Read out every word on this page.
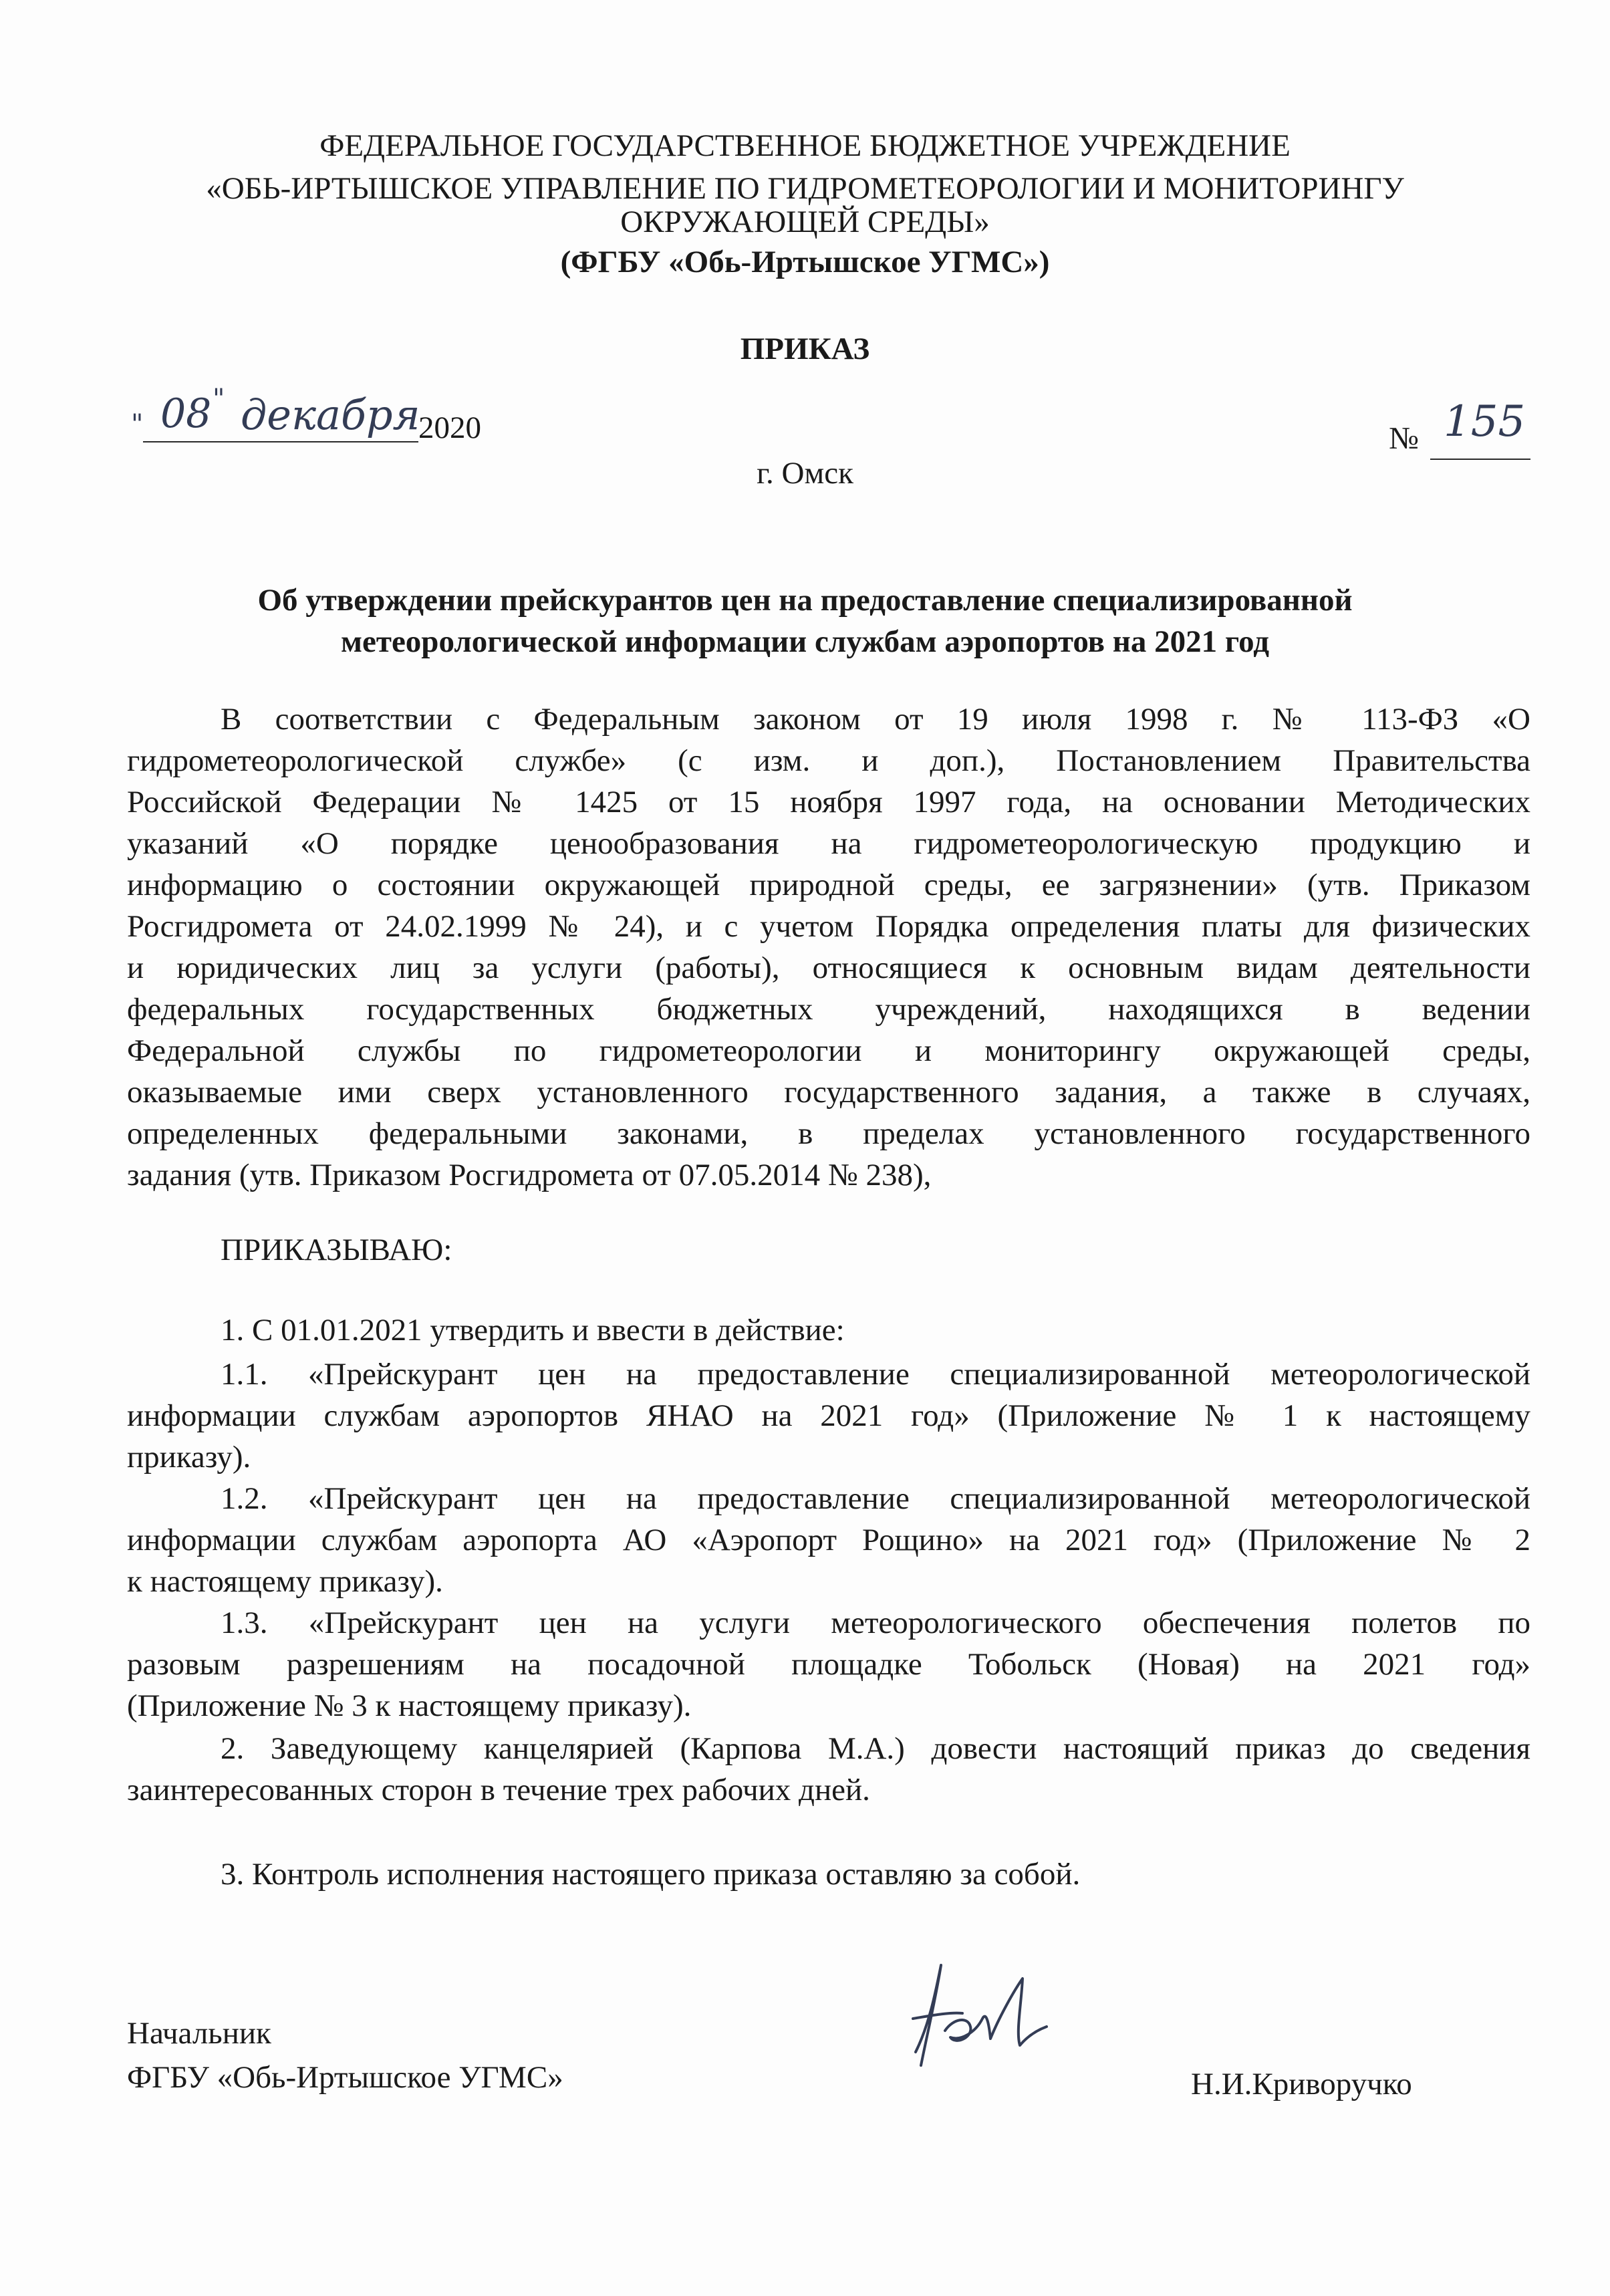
ФЕДЕРАЛЬНОЕ ГОСУДАРСТВЕННОЕ БЮДЖЕТНОЕ УЧРЕЖДЕНИЕ
«ОБЬ-ИРТЫШСКОЕ УПРАВЛЕНИЕ ПО ГИДРОМЕТЕОРОЛОГИИ И МОНИТОРИНГУ
ОКРУЖАЮЩЕЙ СРЕДЫ»
(ФГБУ «Обь-Иртышское УГМС»)
ПРИКАЗ
" 08 " декабря
2020	№ 155
г. Омск
Об утверждении прейскурантов цен на предоставление специализированной
метеорологической информации службам аэропортов на 2021 год
В соответствии с Федеральным законом от 19 июля 1998 г. № 113-ФЗ «О
гидрометеорологической службе» (с изм. и доп.), Постановлением Правительства
Российской Федерации № 1425 от 15 ноября 1997 года, на основании Методических
указаний «О порядке ценообразования на гидрометеорологическую продукцию и
информацию о состоянии окружающей природной среды, ее загрязнении» (утв. Приказом
Росгидромета от 24.02.1999 № 24), и с учетом Порядка определения платы для физических
и юридических лиц за услуги (работы), относящиеся к основным видам деятельности
федеральных государственных бюджетных учреждений, находящихся в ведении
Федеральной службы по гидрометеорологии и мониторингу окружающей среды,
оказываемые ими сверх установленного государственного задания, а также в случаях,
определенных федеральными законами, в пределах установленного государственного
задания (утв. Приказом Росгидромета от 07.05.2014 № 238),
ПРИКАЗЫВАЮ:
1. С 01.01.2021 утвердить и ввести в действие:
1.1. «Прейскурант цен на предоставление специализированной метеорологической
информации службам аэропортов ЯНАО на 2021 год» (Приложение № 1 к настоящему
приказу).
1.2. «Прейскурант цен на предоставление специализированной метеорологической
информации службам аэропорта АО «Аэропорт Рощино» на 2021 год» (Приложение № 2
к настоящему приказу).
1.3. «Прейскурант цен на услуги метеорологического обеспечения полетов по
разовым разрешениям на посадочной площадке Тобольск (Новая) на 2021 год»
(Приложение № 3 к настоящему приказу).
2. Заведующему канцелярией (Карпова М.А.) довести настоящий приказ до сведения
заинтересованных сторон в течение трех рабочих дней.
3. Контроль исполнения настоящего приказа оставляю за собой.
Начальник
ФГБУ «Обь-Иртышское УГМС»	Н.И.Криворучко
